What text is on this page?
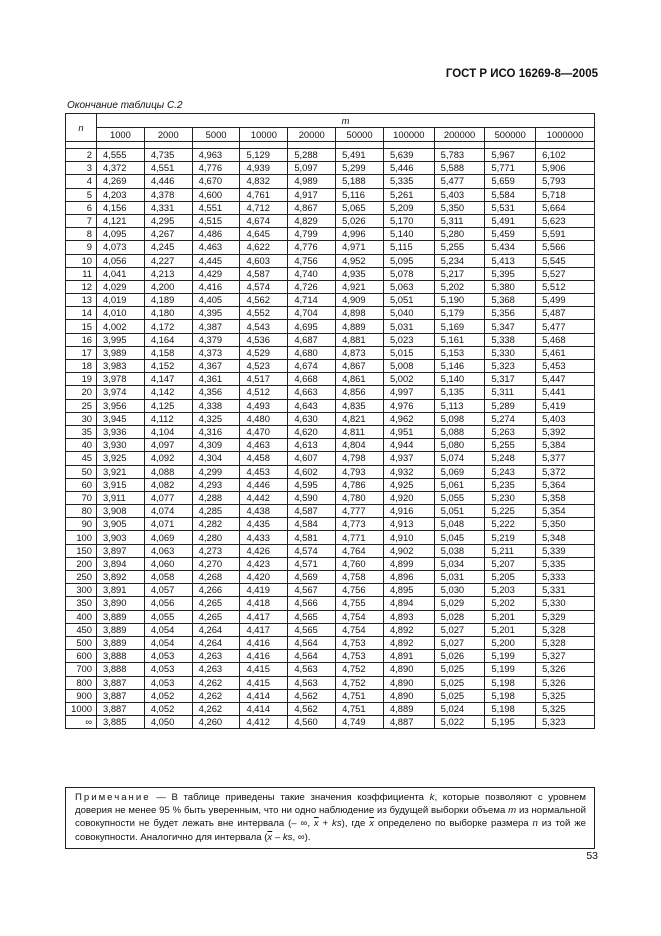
ГОСТ Р ИСО 16269-8—2005
Окончание таблицы С.2
n	m									
	1000	2000	5000	10000	20000	50000	100000	200000	500000	1000000

2	4,555	4,735	4,963	5,129	5,288	5,491	5,639	5,783	5,967	6,102
3	4,372	4,551	4,776	4,939	5,097	5,299	5,446	5,588	5,771	5,906
4	4,269	4,446	4,670	4,832	4,989	5,188	5,335	5,477	5,659	5,793
5	4,203	4,378	4,600	4,761	4,917	5,116	5,261	5,403	5,584	5,718
6	4,156	4,331	4,551	4,712	4,867	5,065	5,209	5,350	5,531	5,664
7	4,121	4,295	4,515	4,674	4,829	5,026	5,170	5,311	5,491	5,623
8	4,095	4,267	4,486	4,645	4,799	4,996	5,140	5,280	5,459	5,591
9	4,073	4,245	4,463	4,622	4,776	4,971	5,115	5,255	5,434	5,566
10	4,056	4,227	4,445	4,603	4,756	4,952	5,095	5,234	5,413	5,545
11	4,041	4,213	4,429	4,587	4,740	4,935	5,078	5,217	5,395	5,527
12	4,029	4,200	4,416	4,574	4,726	4,921	5,063	5,202	5,380	5,512
13	4,019	4,189	4,405	4,562	4,714	4,909	5,051	5,190	5,368	5,499
14	4,010	4,180	4,395	4,552	4,704	4,898	5,040	5,179	5,356	5,487
15	4,002	4,172	4,387	4,543	4,695	4,889	5,031	5,169	5,347	5,477
16	3,995	4,164	4,379	4,536	4,687	4,881	5,023	5,161	5,338	5,468
17	3,989	4,158	4,373	4,529	4,680	4,873	5,015	5,153	5,330	5,461
18	3,983	4,152	4,367	4,523	4,674	4,867	5,008	5,146	5,323	5,453
19	3,978	4,147	4,361	4,517	4,668	4,861	5,002	5,140	5,317	5,447
20	3,974	4,142	4,356	4,512	4,663	4,856	4,997	5,135	5,311	5,441
25	3,956	4,125	4,338	4,493	4,643	4,835	4,976	5,113	5,289	5,419
30	3,945	4,112	4,325	4,480	4,630	4,821	4,962	5,098	5,274	5,403
35	3,936	4,104	4,316	4,470	4,620	4,811	4,951	5,088	5,263	5,392
40	3,930	4,097	4,309	4,463	4,613	4,804	4,944	5,080	5,255	5,384
45	3,925	4,092	4,304	4,458	4,607	4,798	4,937	5,074	5,248	5,377
50	3,921	4,088	4,299	4,453	4,602	4,793	4,932	5,069	5,243	5,372
60	3,915	4,082	4,293	4,446	4,595	4,786	4,925	5,061	5,235	5,364
70	3,911	4,077	4,288	4,442	4,590	4,780	4,920	5,055	5,230	5,358
80	3,908	4,074	4,285	4,438	4,587	4,777	4,916	5,051	5,225	5,354
90	3,905	4,071	4,282	4,435	4,584	4,773	4,913	5,048	5,222	5,350
100	3,903	4,069	4,280	4,433	4,581	4,771	4,910	5,045	5,219	5,348
150	3,897	4,063	4,273	4,426	4,574	4,764	4,902	5,038	5,211	5,339
200	3,894	4,060	4,270	4,423	4,571	4,760	4,899	5,034	5,207	5,335
250	3,892	4,058	4,268	4,420	4,569	4,758	4,896	5,031	5,205	5,333
300	3,891	4,057	4,266	4,419	4,567	4,756	4,895	5,030	5,203	5,331
350	3,890	4,056	4,265	4,418	4,566	4,755	4,894	5,029	5,202	5,330
400	3,889	4,055	4,265	4,417	4,565	4,754	4,893	5,028	5,201	5,329
450	3,889	4,054	4,264	4,417	4,565	4,754	4,892	5,027	5,201	5,328
500	3,889	4,054	4,264	4,416	4,564	4,753	4,892	5,027	5,200	5,328
600	3,888	4,053	4,263	4,416	4,564	4,753	4,891	5,026	5,199	5,327
700	3,888	4,053	4,263	4,415	4,563	4,752	4,890	5,025	5,199	5,326
800	3,887	4,053	4,262	4,415	4,563	4,752	4,890	5,025	5,198	5,326
900	3,887	4,052	4,262	4,414	4,562	4,751	4,890	5,025	5,198	5,325
1000	3,887	4,052	4,262	4,414	4,562	4,751	4,889	5,024	5,198	5,325
∞	3,885	4,050	4,260	4,412	4,560	4,749	4,887	5,022	5,195	5,323
Примечание — В таблице приведены такие значения коэффициента k, которые позволяют с уровнем доверия не менее 95 % быть уверенным, что ни одно наблюдение из будущей выборки объема m из нормальной совокупности не будет лежать вне интервала (– ∞, $\overline{x} + ks$), где $\overline{x}$ определено по выборке размера n из той же совокупности. Аналогично для интервала ($\overline{x}$ – ks, ∞).
53
